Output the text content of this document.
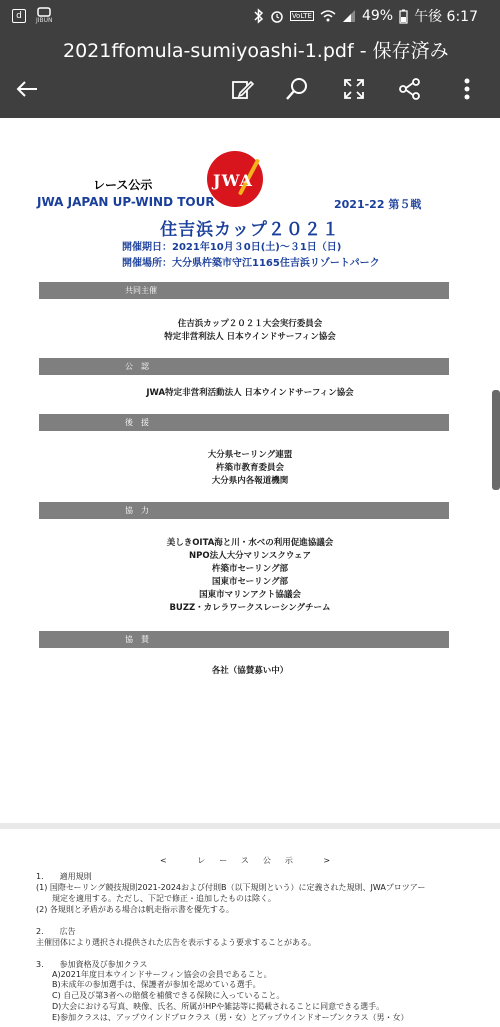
d	JIBUN
VoLTE	49% 午後 6:17
2021ffomula-sumiyoashi-1.pdf - 保存済み
レース公示	JWA
JWA JAPAN UP-WIND TOUR	2021-22 第５戦
住吉浜カップ２０２１
開催期日：2021年10月３0日(土)～３1日（日)
開催場所：大分県杵築市守江1165住吉浜リゾートパーク
共同主催
住吉浜カップ２０２１大会実行委員会
特定非営利法人 日本ウインドサーフィン協会
公　認
JWA特定非営利活動法人 日本ウインドサーフィン協会
後　援
大分県セーリング連盟
杵築市教育委員会
大分県内各報道機関
協　力
美しきOITA海と川・水べの利用促進協議会
NPO法人大分マリンスクウェア
杵築市セーリング部
国東市セーリング部
国東市マリンアクト協議会
BUZZ・カレラワークスレーシングチーム
協　賛
各社（協賛募い中）
< レース公示 >
1.　　適用規則
(1) 国際セーリング競技規則2021-2024および付則B（以下規則という）に定義された規則、JWAプロツアー
　　規定を適用する。ただし、下記で修正・追加したものは除く。
(2) 各規則と矛盾がある場合は帆走指示書を優先する。
2.　　広告
主催団体により選択され提供された広告を表示するよう要求することがある。
3.　　参加資格及び参加クラス
　　A)2021年度日本ウインドサーフィン協会の会員であること。
　　B)未成年の参加選手は、保護者が参加を認めている選手。
　　C) 自己及び第3者への賠償を補償できる保険に入っていること。
　　D)大会における写真、映像、氏名、所属がHPや雑誌等に掲載されることに同意できる選手。
　　E)参加クラスは、アップウインドプロクラス（男・女）とアップウインドオープンクラス（男・女）
